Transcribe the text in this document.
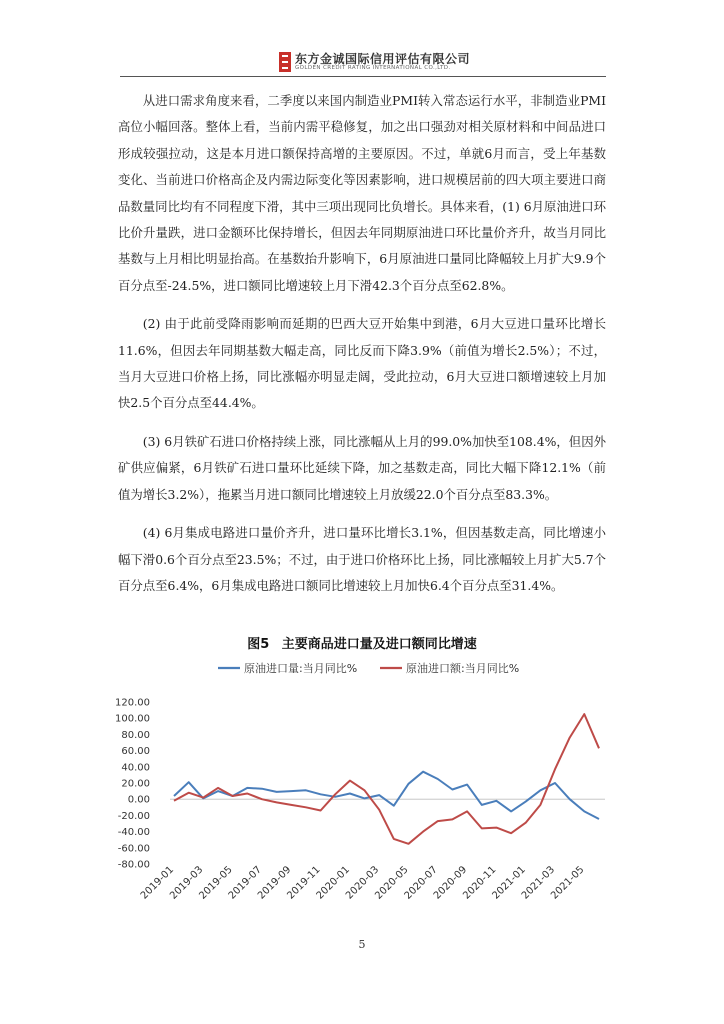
东方金诚国际信用评估有限公司
GOLDEN CREDIT RATING INTERNATIONAL CO.,LTD.

从进口需求角度来看，二季度以来国内制造业PMI转入常态运行水平，非制造业PMI高位小幅回落。整体上看，当前内需平稳修复，加之出口强劲对相关原材料和中间品进口形成较强拉动，这是本月进口额保持高增的主要原因。不过，单就6月而言，受上年基数变化、当前进口价格高企及内需边际变化等因素影响，进口规模居前的四大项主要进口商品数量同比均有不同程度下滑，其中三项出现同比负增长。具体来看，(1) 6月原油进口环比价升量跌，进口金额环比保持增长，但因去年同期原油进口环比量价齐升，故当月同比基数与上月相比明显抬高。在基数抬升影响下，6月原油进口量同比降幅较上月扩大9.9个百分点至-24.5%，进口额同比增速较上月下滑42.3个百分点至62.8%。

(2) 由于此前受降雨影响而延期的巴西大豆开始集中到港，6月大豆进口量环比增长11.6%，但因去年同期基数大幅走高，同比反而下降3.9%（前值为增长2.5%）；不过，当月大豆进口价格上扬，同比涨幅亦明显走阔，受此拉动，6月大豆进口额增速较上月加快2.5个百分点至44.4%。

(3) 6月铁矿石进口价格持续上涨，同比涨幅从上月的99.0%加快至108.4%，但因外矿供应偏紧，6月铁矿石进口量环比延续下降，加之基数走高，同比大幅下降12.1%（前值为增长3.2%），拖累当月进口额同比增速较上月放缓22.0个百分点至83.3%。

(4) 6月集成电路进口量价齐升，进口量环比增长3.1%，但因基数走高，同比增速小幅下滑0.6个百分点至23.5%；不过，由于进口价格环比上扬，同比涨幅较上月扩大5.7个百分点至6.4%，6月集成电路进口额同比增速较上月加快6.4个百分点至31.4%。

图5 主要商品进口量及进口额同比增速
原油进口量:当月同比%	原油进口额:当月同比%
120.00
100.00
80.00
60.00
40.00
20.00
0.00
-20.00
-40.00
-60.00
-80.00
2019-01
2019-03
2019-05
2019-07
2019-09
2019-11
2020-01
2020-03
2020-05
2020-07
2020-09
2020-11
2021-01
2021-03
2021-05
5
